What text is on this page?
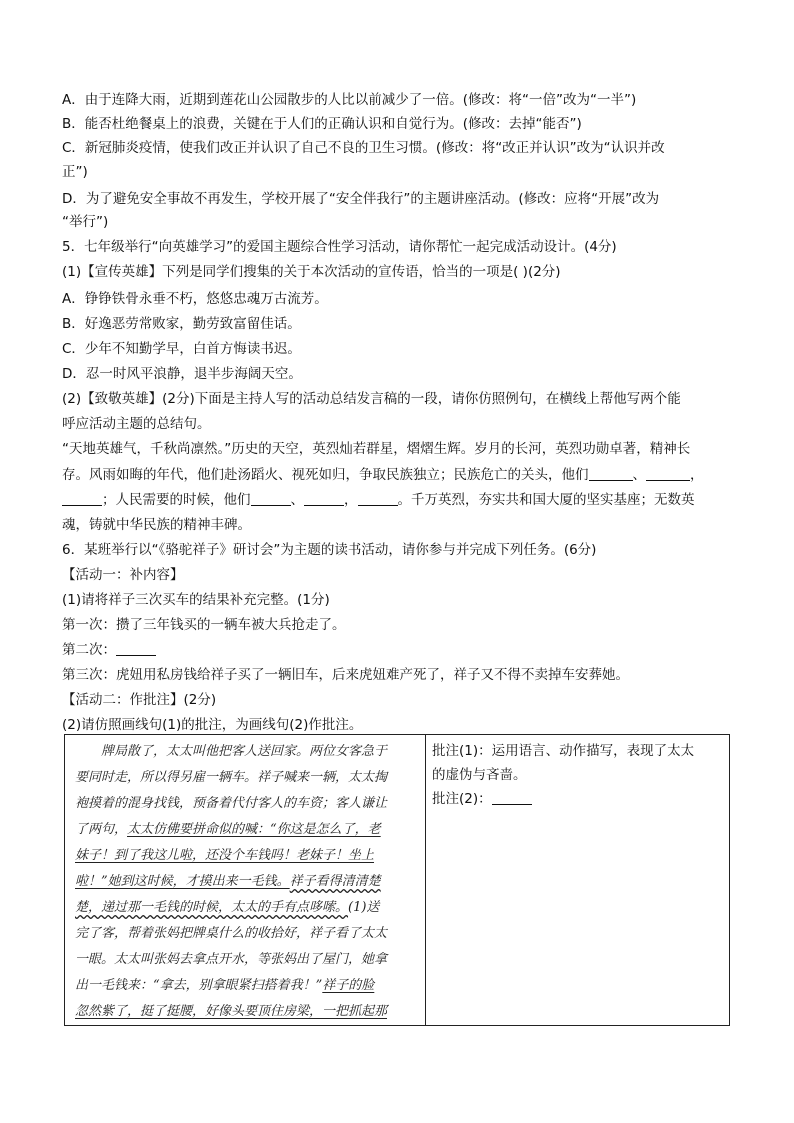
A．由于连降大雨，近期到莲花山公园散步的人比以前减少了一倍。(修改：将“一倍”改为“一半”)
B．能否杜绝餐桌上的浪费，关键在于人们的正确认识和自觉行为。(修改：去掉“能否”)
C．新冠肺炎疫情，使我们改正并认识了自己不良的卫生习惯。(修改：将“改正并认识”改为“认识并改
正”)
D．为了避免安全事故不再发生，学校开展了“安全伴我行”的主题讲座活动。(修改：应将“开展”改为
“举行”)
5．七年级举行“向英雄学习”的爱国主题综合性学习活动，请你帮忙一起完成活动设计。(4分)
(1)【宣传英雄】下列是同学们搜集的关于本次活动的宣传语，恰当的一项是( )(2分)
A．铮铮铁骨永垂不朽，悠悠忠魂万古流芳。
B．好逸恶劳常败家，勤劳致富留佳话。
C．少年不知勤学早，白首方悔读书迟。
D．忍一时风平浪静，退半步海阔天空。
(2)【致敬英雄】(2分)下面是主持人写的活动总结发言稿的一段，请你仿照例句，在横线上帮他写两个能
呼应活动主题的总结句。
“天地英雄气，千秋尚凛然。”历史的天空，英烈灿若群星，熠熠生辉。岁月的长河，英烈功勋卓著，精神长
存。风雨如晦的年代，他们赴汤蹈火、视死如归，争取民族独立；民族危亡的关头，他们	、	，
；人民需要的时候，他们	、	，	。千万英烈，夯实共和国大厦的坚实基座；无数英
魂，铸就中华民族的精神丰碑。
6．某班举行以“《骆驼祥子》研讨会”为主题的读书活动，请你参与并完成下列任务。(6分)
【活动一：补内容】
(1)请将祥子三次买车的结果补充完整。(1分)
第一次：攒了三年钱买的一辆车被大兵抢走了。
第二次：
第三次：虎妞用私房钱给祥子买了一辆旧车，后来虎妞难产死了，祥子又不得不卖掉车安葬她。
【活动二：作批注】(2分)
(2)请仿照画线句(1)的批注，为画线句(2)作批注。
牌局散了，太太叫他把客人送回家。两位女客急于
要同时走，所以得另雇一辆车。祥子喊来一辆，太太掏
袍摸着的混身找钱，预备着代付客人的车资；客人谦让
了两句，太太仿佛要拼命似的喊：“你这是怎么了，老
妹子！到了我这儿啦，还没个车钱吗！老妹子！坐上
啦！”她到这时候，才摸出来一毛钱。祥子看得清清楚
楚，递过那一毛钱的时候，太太的手有点哆嗦。(1)送
完了客，帮着张妈把牌桌什么的收拾好，祥子看了太太
一眼。太太叫张妈去拿点开水，等张妈出了屋门，她拿
出一毛钱来：“拿去，别拿眼紧扫搭着我！”祥子的脸
忽然紫了，挺了挺腰，好像头要顶住房梁，一把抓起那

批注(1)：运用语言、动作描写，表现了太太
的虚伪与吝啬。
批注(2)：
